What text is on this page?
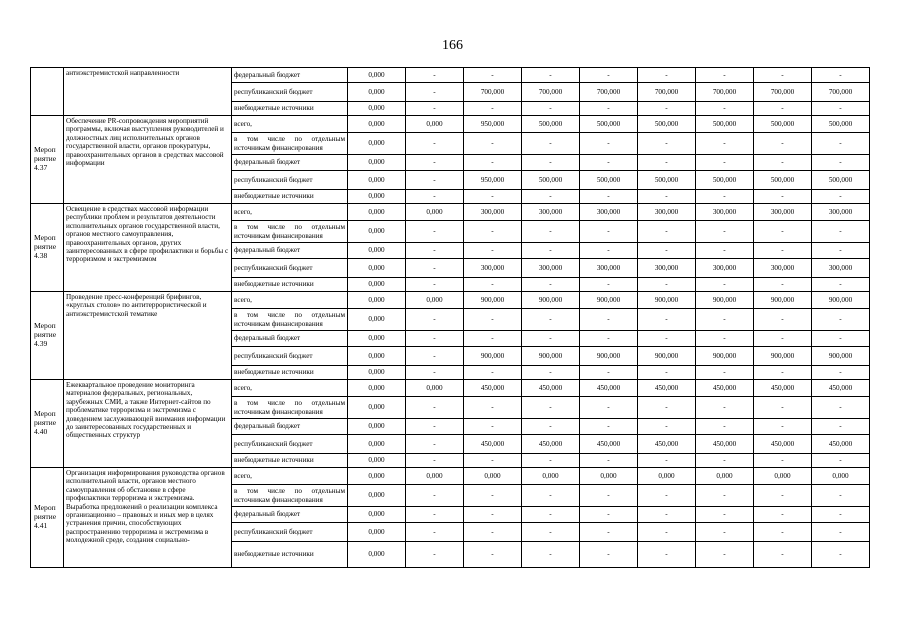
166
	антиэкстремистской направленности	федеральный бюджет	0,000	-	-	-	-	-	-	-	-
		республиканский бюджет	0,000	-	700,000	700,000	700,000	700,000	700,000	700,000	700,000
		внебюджетные источники	0,000	-	-	-	-	-	-	-	-
Мероп риятие 4.37	Обеспечение PR-сопровождения мероприятий программы, включая выступления руководителей и должностных лиц исполнительных органов государственной власти, органов прокуратуры, правоохранительных органов в средствах массовой информации	всего,	0,000	0,000	950,000	500,000	500,000	500,000	500,000	500,000	500,000
		в том числе по отдельным источникам финансирования	0,000	-	-	-	-	-	-	-	-
		федеральный бюджет	0,000	-	-	-	-	-	-	-	-
		республиканский бюджет	0,000	-	950,000	500,000	500,000	500,000	500,000	500,000	500,000
		внебюджетные источники	0,000	-	-	-	-	-	-	-	-
Мероп риятие 4.38	Освещение в средствах массовой информации республики проблем и результатов деятельности исполнительных органов государственной власти, органов местного самоуправления, правоохранительных органов, других заинтересованных в сфере профилактики и борьбы с терроризмом и экстремизмом	всего,	0,000	0,000	300,000	300,000	300,000	300,000	300,000	300,000	300,000
		в том числе по отдельным источникам финансирования	0,000	-	-	-	-	-	-	-	-
		федеральный бюджет	0,000	-	-	-	-	-	-	-	-
		республиканский бюджет	0,000	-	300,000	300,000	300,000	300,000	300,000	300,000	300,000
		внебюджетные источники	0,000	-	-	-	-	-	-	-	-
Мероп риятие 4.39	Проведение пресс-конференций брифингов, «круглых столов» по антитеррористической и антиэкстремистской тематике	всего,	0,000	0,000	900,000	900,000	900,000	900,000	900,000	900,000	900,000
		в том числе по отдельным источникам финансирования	0,000	-	-	-	-	-	-	-	-
		федеральный бюджет	0,000	-	-	-	-	-	-	-	-
		республиканский бюджет	0,000	-	900,000	900,000	900,000	900,000	900,000	900,000	900,000
		внебюджетные источники	0,000	-	-	-	-	-	-	-	-
Мероп риятие 4.40	Ежеквартальное проведение мониторинга материалов федеральных, региональных, зарубежных СМИ, а также Интернет-сайтов по проблематике терроризма и экстремизма с доведением заслуживающей внимания информации до заинтересованных государственных и общественных структур	всего,	0,000	0,000	450,000	450,000	450,000	450,000	450,000	450,000	450,000
		в том числе по отдельным источникам финансирования	0,000	-	-	-	-	-	-	-	-
		федеральный бюджет	0,000	-	-	-	-	-	-	-	-
		республиканский бюджет	0,000	-	450,000	450,000	450,000	450,000	450,000	450,000	450,000
		внебюджетные источники	0,000	-	-	-	-	-	-	-	-
Мероп риятие 4.41	Организация информирования руководства органов исполнительной власти, органов местного самоуправления об обстановке в сфере профилактики терроризма и экстремизма. Выработка предложений о реализации комплекса организационно – правовых и иных мер в целях устранения причин, способствующих распространению терроризма и экстремизма в молодежной среде, создания социально-	всего,	0,000	0,000	0,000	0,000	0,000	0,000	0,000	0,000	0,000
		в том числе по отдельным источникам финансирования	0,000	-	-	-	-	-	-	-	-
		федеральный бюджет	0,000	-	-	-	-	-	-	-	-
		республиканский бюджет	0,000	-	-	-	-	-	-	-	-
		внебюджетные источники	0,000	-	-	-	-	-	-	-	-
